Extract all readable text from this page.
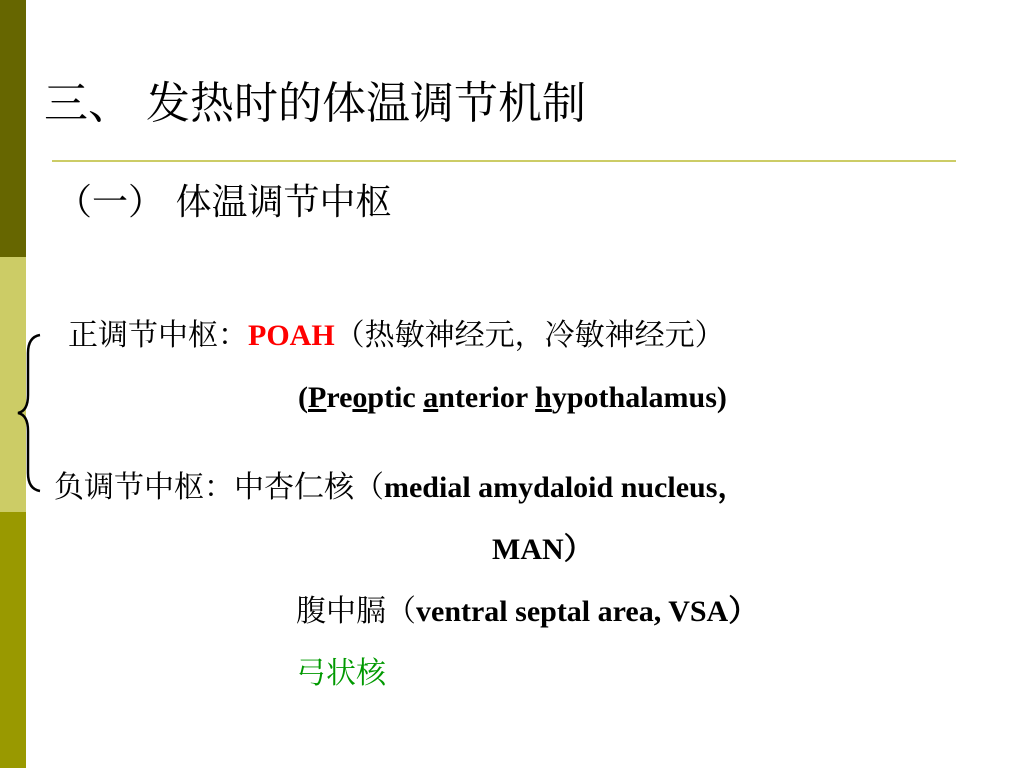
三、 发热时的体温调节机制
（一） 体温调节中枢
正调节中枢：POAH（热敏神经元，冷敏神经元）
(Preoptic anterior hypothalamus)
负调节中枢：中杏仁核（medial amydaloid nucleus，
MAN）
腹中膈（ventral septal area, VSA）
弓状核
